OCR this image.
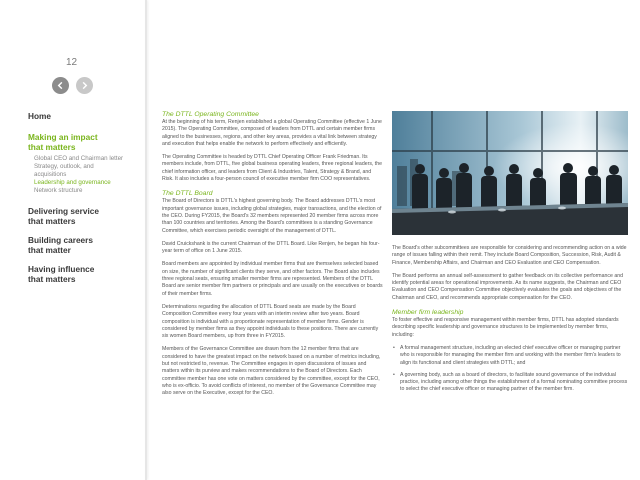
12
Home
Making an impact that matters
Global CEO and Chairman letter
Strategy, outlook, and acquisitions
Leadership and governance
Network structure
Delivering service that matters
Building careers that matter
Having influence that matters

The DTTL Operating Committee

At the beginning of his term, Renjen established a global Operating Committee (effective 1 June 2015). The Operating Committee, composed of leaders from DTTL and certain member firms aligned to the businesses, regions, and other key areas, provides a vital link between strategy and execution that helps enable the network to perform effectively and efficiently.

The Operating Committee is headed by DTTL Chief Operating Officer Frank Friedman. Its members include, from DTTL, five global business operating leaders, three regional leaders, the chief information officer, and leaders from Client & Industries, Talent, Strategy & Brand, and Risk. It also includes a four-person council of executive member firm COO representatives.

The DTTL Board

The Board of Directors is DTTL's highest governing body. The Board addresses DTTL's most important governance issues, including global strategies, major transactions, and the election of the CEO. During FY2015, the Board's 32 members represented 20 member firms across more than 100 countries and territories. Among the Board's committees is a standing Governance Committee, which exercises periodic oversight of the management of DTTL.

David Cruickshank is the current Chairman of the DTTL Board. Like Renjen, he began his four-year term of office on 1 June 2015.

Board members are appointed by individual member firms that are themselves selected based on size, the number of significant clients they serve, and other factors. The Board also includes three regional seats, ensuring smaller member firms are represented. Members of the DTTL Board are senior member firm partners or principals and are usually on the executives or boards of their member firms.

Determinations regarding the allocation of DTTL Board seats are made by the Board Composition Committee every four years with an interim review after two years. Board composition is individual with a proportionate representation of member firms. Gender is considered by member firms as they appoint individuals to these positions. There are currently six women Board members, up from three in FY2015.

Members of the Governance Committee are drawn from the 12 member firms that are considered to have the greatest impact on the network based on a number of metrics including, but not restricted to, revenue. The Committee engages in open discussions of issues and matters within its purview and makes recommendations to the Board of Directors. Each committee member has one vote on matters considered by the committee, except for the CEO, who is ex-officio. To avoid conflicts of interest, no member of the Governance Committee may also serve on the Executive, except for the CEO.

The Board's other subcommittees are responsible for considering and recommending action on a wide range of issues falling within their remit. They include Board Composition, Succession, Risk, Audit & Finance, Membership Affairs, and Chairman and CEO Evaluation and CEO Compensation.

The Board performs an annual self-assessment to gather feedback on its collective performance and identify potential areas for operational improvements. As its name suggests, the Chairman and CEO Evaluation and CEO Compensation Committee objectively evaluates the goals and objectives of the Chairman and CEO, and recommends appropriate compensation for the CEO.

Member firm leadership

To foster effective and responsive management within member firms, DTTL has adopted standards describing specific leadership and governance structures to be implemented by member firms, including:

• A formal management structure, including an elected chief executive officer or managing partner who is responsible for managing the member firm and working with the member firm's leaders to align its functional and client strategies with DTTL; and
• A governing body, such as a board of directors, to facilitate sound governance of the individual practice, including among other things the establishment of a formal nominating committee process to select the chief executive officer or managing partner of the member firm.
